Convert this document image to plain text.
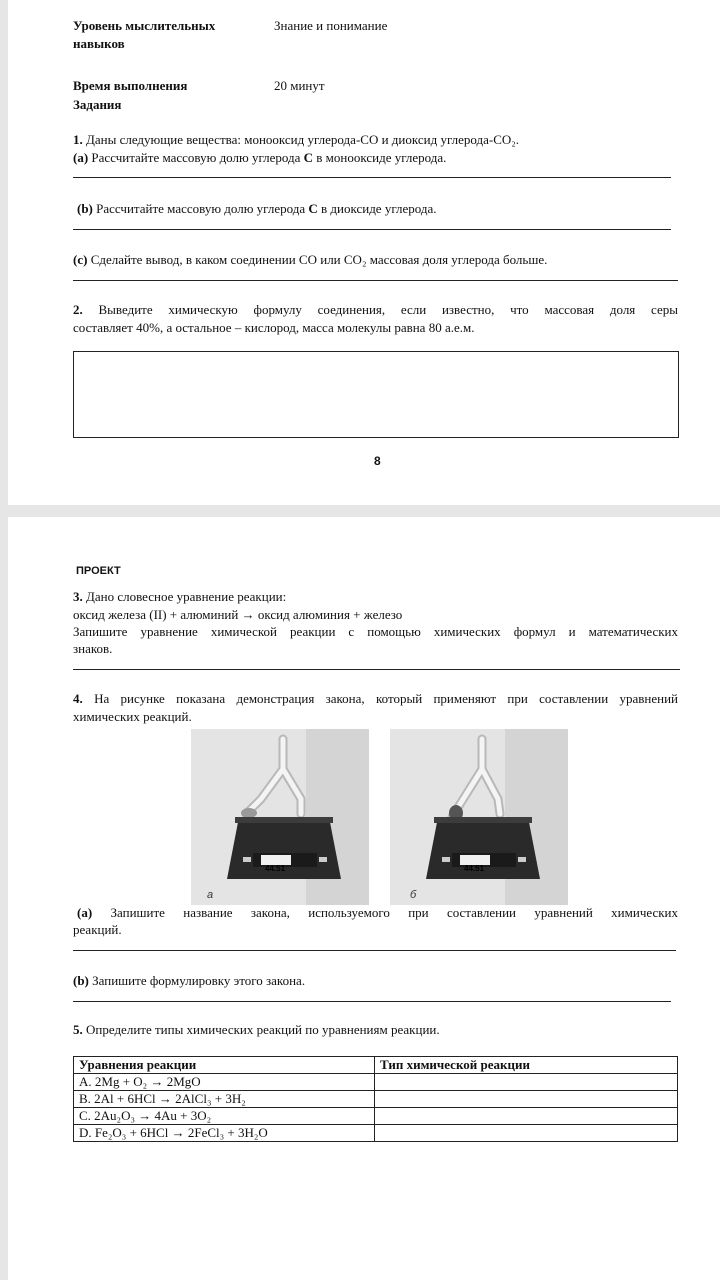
Уровень мыслительных
навыков
Знание и понимание
Время выполнения
Задания
20 минут
1. Даны следующие вещества: монооксид углерода-СО и диоксид углерода-СО₂.
(а) Рассчитайте массовую долю углерода С в монооксиде углерода.
(b) Рассчитайте массовую долю углерода С в диоксиде углерода.
(с) Сделайте вывод, в каком соединении СО или СО₂ массовая доля углерода больше.
2. Выведите химическую формулу соединения, если известно, что массовая доля серы
составляет 40%, а остальное – кислород, масса молекулы равна 80 а.е.м.
8
ПРОЕКТ
3. Дано словесное уравнение реакции:
оксид железа (II) + алюминий → оксид алюминия + железо
Запишите уравнение химической реакции с помощью химических формул и математических
знаков.
4. На рисунке показана демонстрация закона, который применяют при составлении уравнений
химических реакций.
44.51
а
44.51
б
(а) Запишите название закона, используемого при составлении уравнений химических
реакций.
(b) Запишите формулировку этого закона.
5. Определите типы химических реакций по уравнениям реакции.
Уравнения реакции	Тип химической реакции
A. 2Mg + O₂ → 2MgO	
B. 2Al + 6HCl → 2AlCl₃ + 3H₂	
C. 2Au₂O₃ → 4Au + 3O₂	
D. Fe₂O₃ + 6HCl → 2FeCl₃ + 3H₂O	
